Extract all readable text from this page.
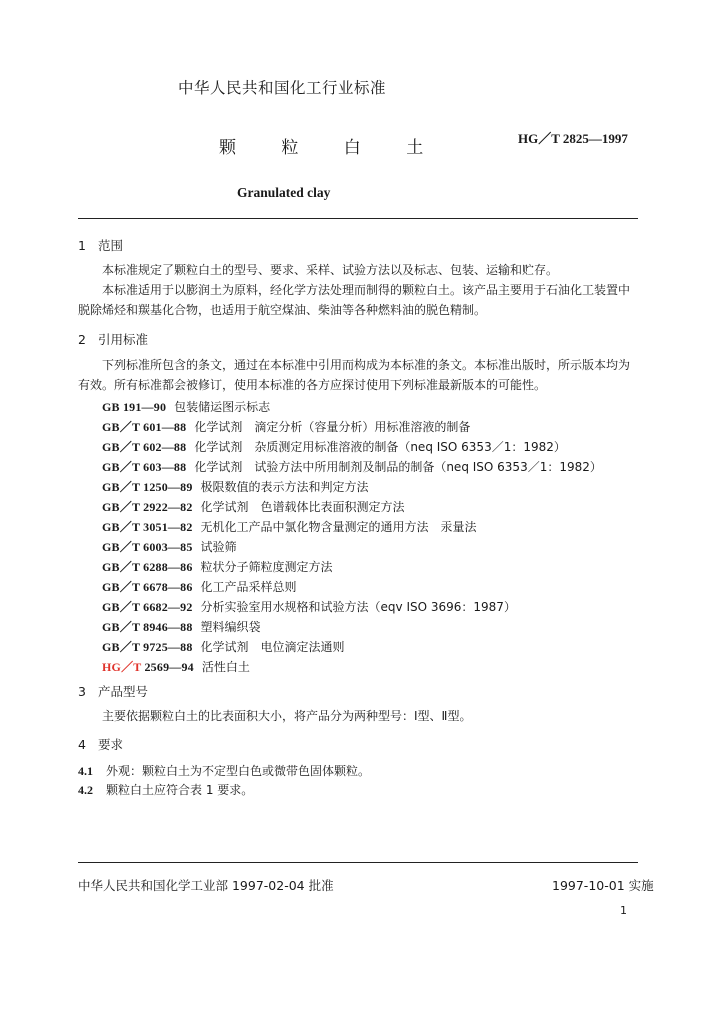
中华人民共和国化工行业标准
颗 粒 白 土	HG／T 2825—1997
Granulated clay
1 范围
本标准规定了颗粒白土的型号、要求、采样、试验方法以及标志、包装、运输和贮存。
本标准适用于以膨润土为原料，经化学方法处理而制得的颗粒白土。该产品主要用于石油化工装置中脱除烯烃和羰基化合物，也适用于航空煤油、柴油等各种燃料油的脱色精制。
2 引用标准
下列标准所包含的条文，通过在本标准中引用而构成为本标准的条文。本标准出版时，所示版本均为有效。所有标准都会被修订，使用本标准的各方应探讨使用下列标准最新版本的可能性。
GB 191—90 包装储运图示标志
GB／T 601—88 化学试剂　滴定分析（容量分析）用标准溶液的制备
GB／T 602—88 化学试剂　杂质测定用标准溶液的制备（neq ISO 6353／1：1982）
GB／T 603—88 化学试剂　试验方法中所用制剂及制品的制备（neq ISO 6353／1：1982）
GB／T 1250—89 极限数值的表示方法和判定方法
GB／T 2922—82 化学试剂　色谱载体比表面积测定方法
GB／T 3051—82 无机化工产品中氯化物含量测定的通用方法　汞量法
GB／T 6003—85 试验筛
GB／T 6288—86 粒状分子筛粒度测定方法
GB／T 6678—86 化工产品采样总则
GB／T 6682—92 分析实验室用水规格和试验方法（eqv ISO 3696：1987）
GB／T 8946—88 塑料编织袋
GB／T 9725—88 化学试剂　电位滴定法通则
HG／T 2569—94 活性白土
3 产品型号
主要依据颗粒白土的比表面积大小，将产品分为两种型号：Ⅰ型、Ⅱ型。
4 要求
4.1 外观：颗粒白土为不定型白色或微带色固体颗粒。
4.2 颗粒白土应符合表 1 要求。
中华人民共和国化学工业部 1997-02-04 批准	1997-10-01 实施
1
